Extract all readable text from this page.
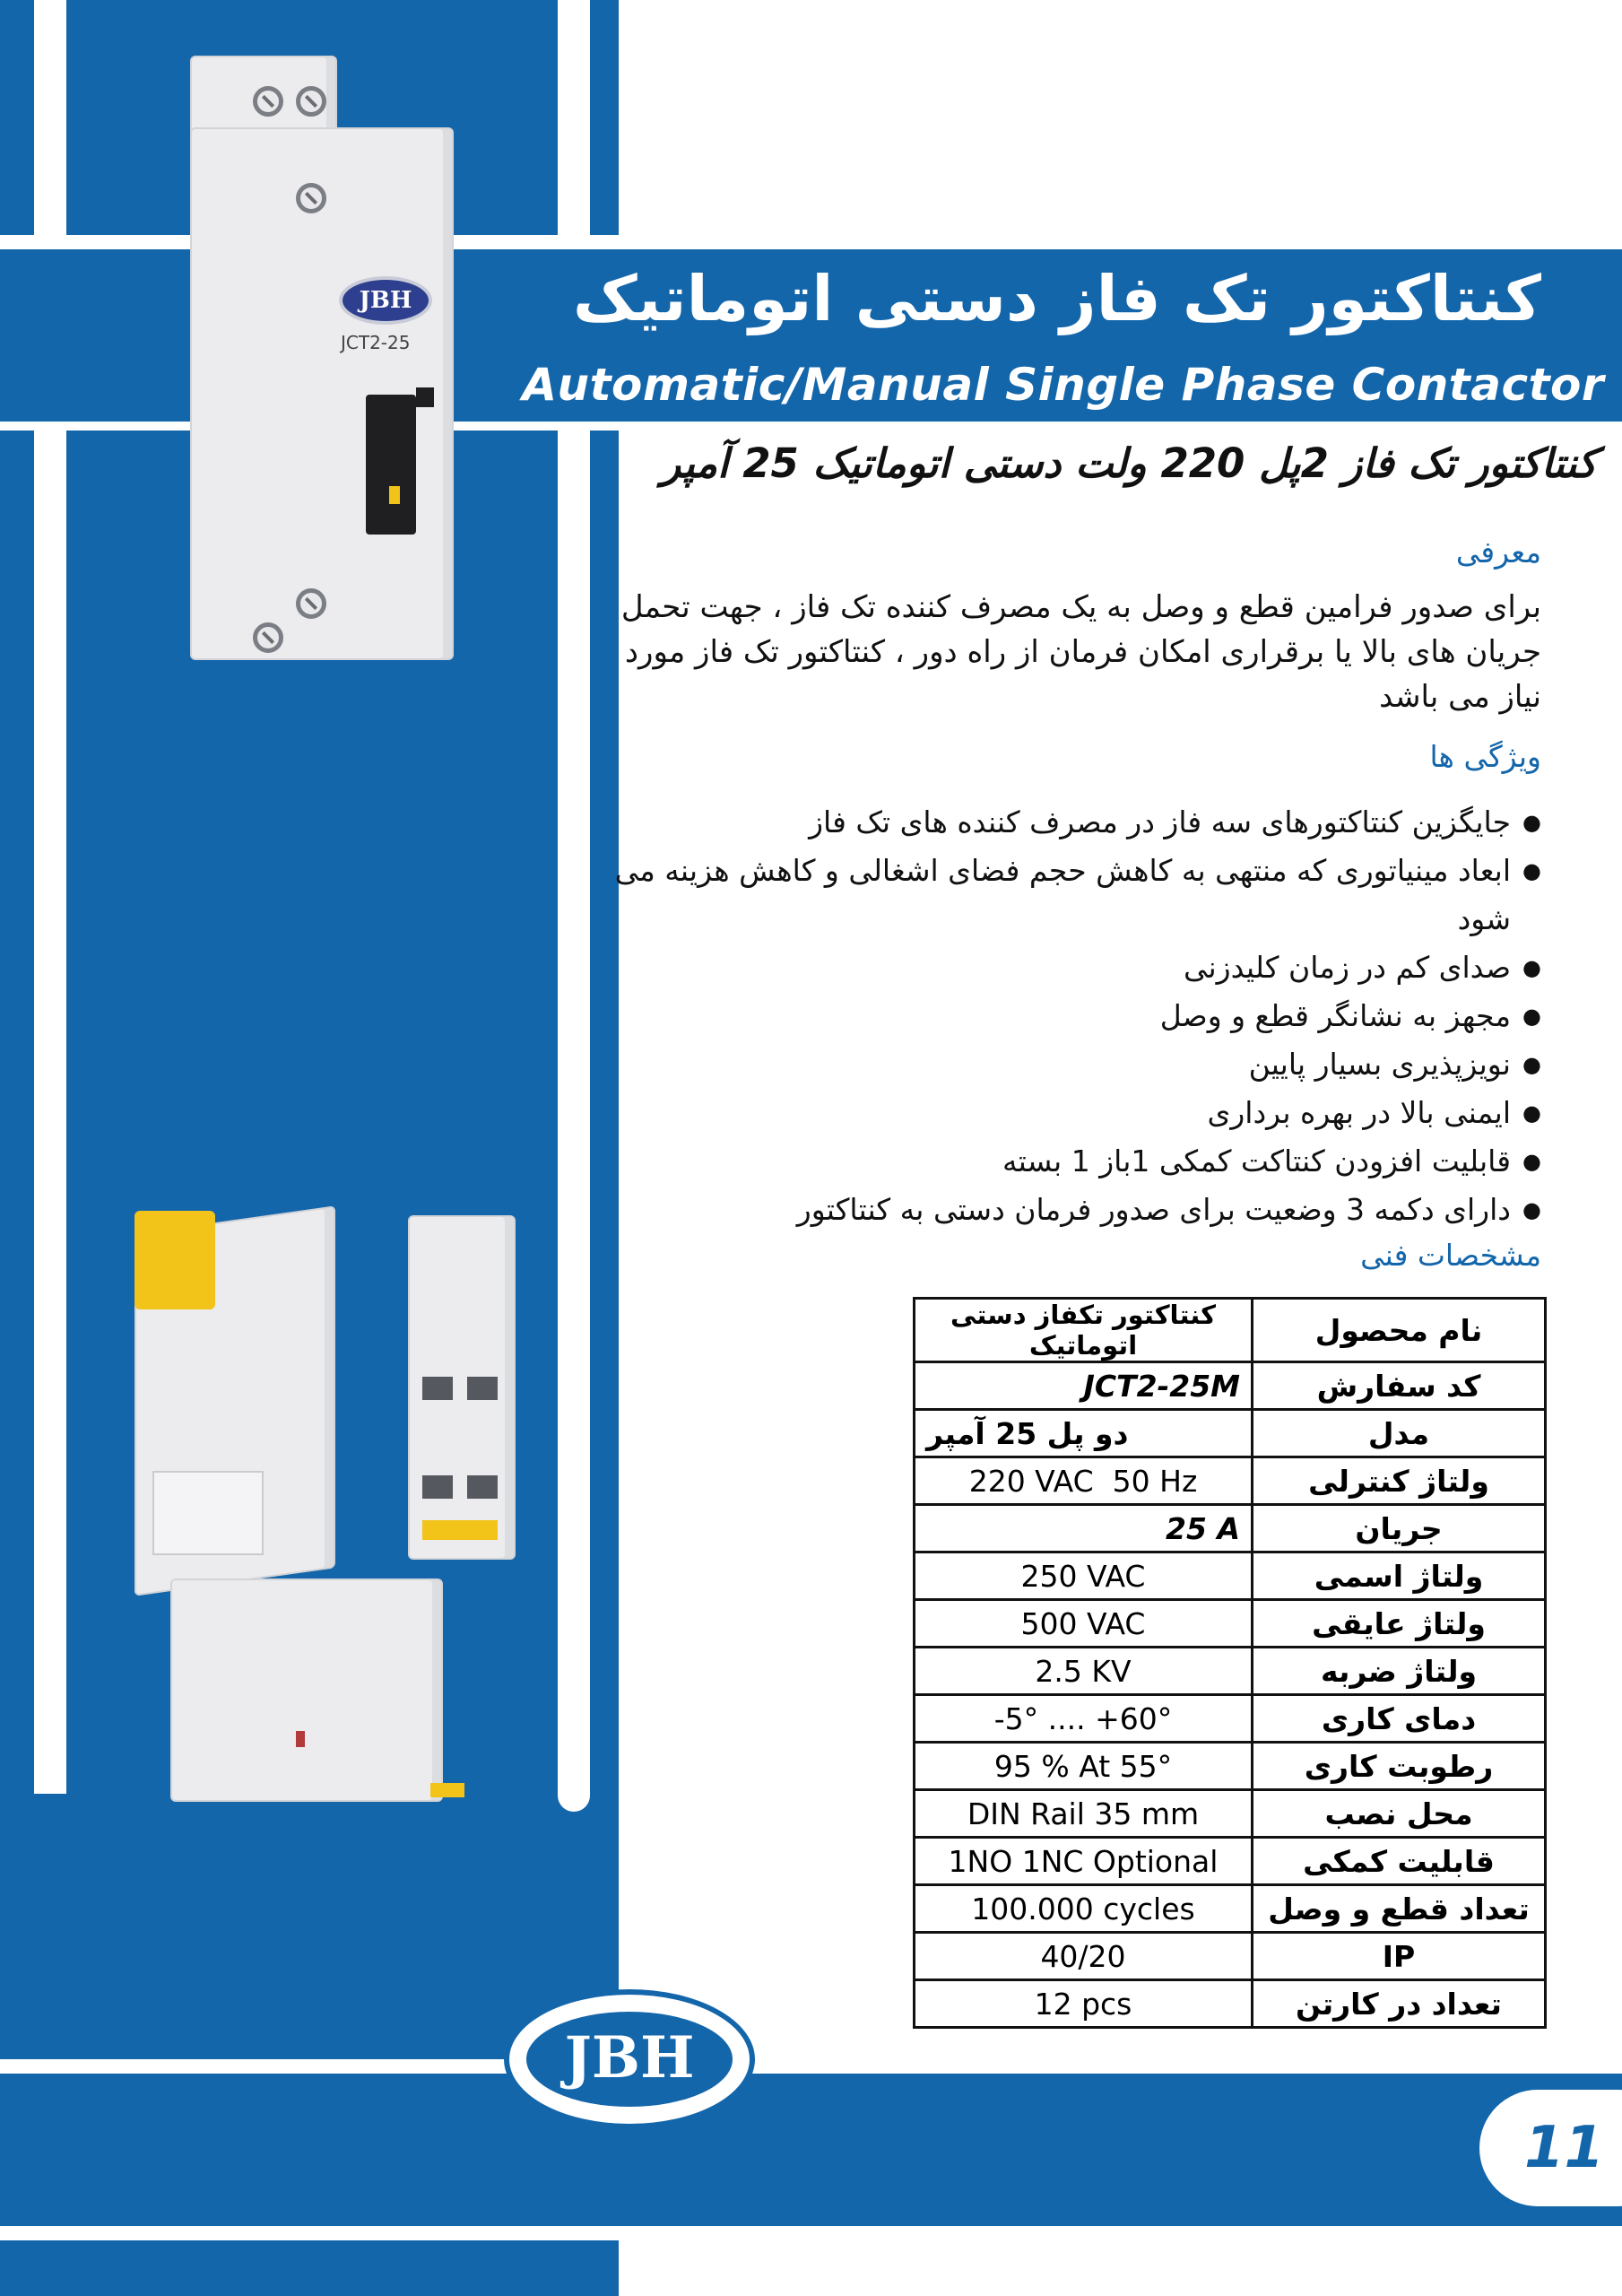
کنتاکتور تک فاز دستی اتوماتیک
Automatic/Manual Single Phase Contactor
JBH
JCT2-25
کنتاکتور تک فاز 2پل 220 ولت دستی اتوماتیک 25 آمپر
معرفی
برای صدور فرامین قطع و وصل به یک مصرف کننده تک فاز ، جهت تحمل جریان های بالا یا برقراری امکان فرمان از راه دور ، کنتاکتور تک فاز مورد نیاز می باشد
ویژگی ها
● جایگزین کنتاکتورهای سه فاز در مصرف کننده های تک فاز
● ابعاد مینیاتوری که منتهی به کاهش حجم فضای اشغالی و کاهش هزینه می شود
● صدای کم در زمان کلیدزنی
● مجهز به نشانگر قطع و وصل
● نویزپذیری بسیار پایین
● ایمنی بالا در بهره برداری
● قابلیت افزودن کنتاکت کمکی 1باز 1 بسته
● دارای دکمه 3 وضعیت برای صدور فرمان دستی به کنتاکتور
مشخصات فنی
کنتاکتور تکفاز دستی اتوماتیک	نام محصول
JCT2-25M	کد سفارش
دو پل 25 آمپر	مدل
220 VAC  50 Hz	ولتاژ کنترلی
25 A	جریان
250 VAC	ولتاژ اسمی
500 VAC	ولتاژ عایقی
2.5 KV	ولتاژ ضربه
-5° .... +60°	دمای کاری
95 % At 55°	رطوبت کاری
DIN Rail 35 mm	محل نصب
1NO 1NC Optional	قابلیت کمکی
100.000 cycles	تعداد قطع و وصل
40/20	IP
12 pcs	تعداد در کارتن
JBH
11
